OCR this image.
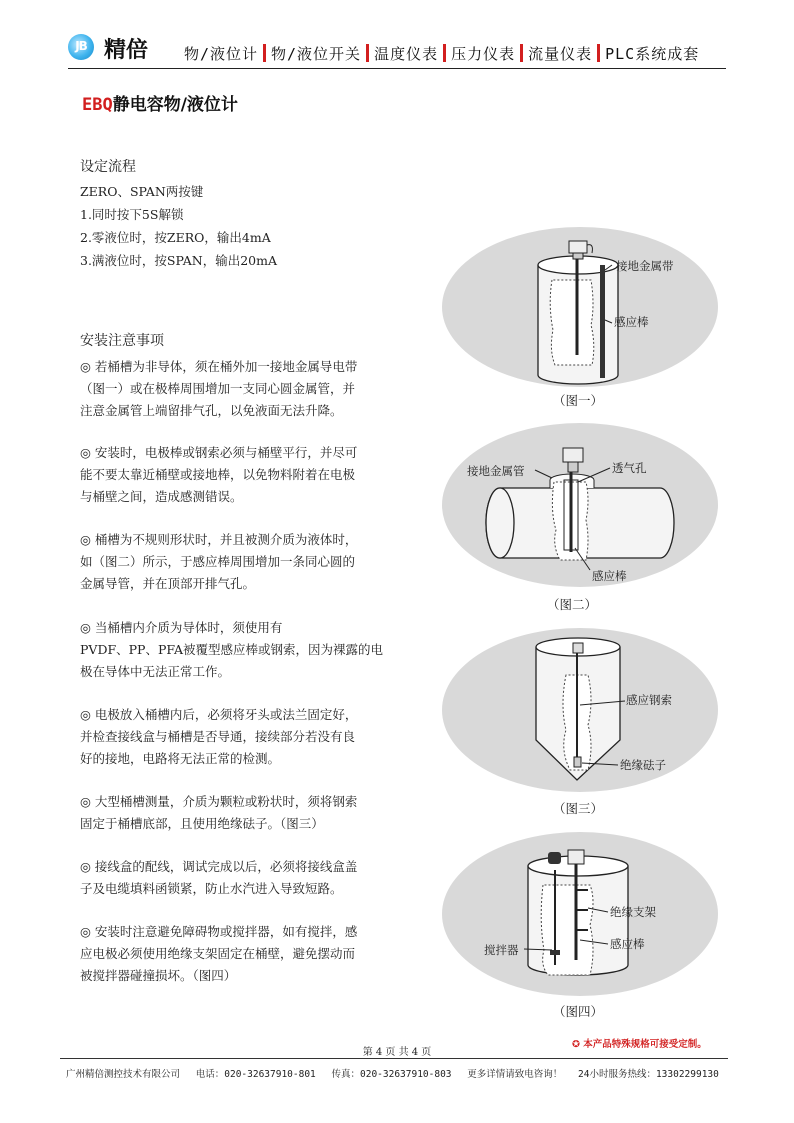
JB 精倍 物/液位计 物/液位开关 温度仪表 压力仪表 流量仪表 PLC系统成套
EBQ静电容物/液位计
设定流程
ZERO、SPAN两按键
1.同时按下5S解锁
2.零液位时，按ZERO，输出4mA
3.满液位时，按SPAN，输出20mA
安装注意事项
◎ 若桶槽为非导体，须在桶外加一接地金属导电带
（图一）或在极棒周围增加一支同心圆金属管，并
注意金属管上端留排气孔，以免液面无法升降。
◎ 安装时，电极棒或钢索必须与桶壁平行，并尽可
能不要太靠近桶壁或接地棒，以免物料附着在电极
与桶壁之间，造成感测错误。
◎ 桶槽为不规则形状时，并且被测介质为液体时，
如（图二）所示，于感应棒周围增加一条同心圆的
金属导管，并在顶部开排气孔。
◎ 当桶槽内介质为导体时，须使用有
PVDF、PP、PFA被覆型感应棒或钢索，因为裸露的电
极在导体中无法正常工作。
◎ 电极放入桶槽内后，必须将牙头或法兰固定好，
并检查接线盒与桶槽是否导通，接续部分若没有良
好的接地，电路将无法正常的检测。
◎ 大型桶槽测量，介质为颗粒或粉状时，须将钢索
固定于桶槽底部，且使用绝缘砝子。（图三）
◎ 接线盒的配线，调试完成以后，必须将接线盒盖
子及电缆填料函锁紧，防止水汽进入导致短路。
◎ 安装时注意避免障碍物或搅拌器，如有搅拌，感
应电极必须使用绝缘支架固定在桶壁，避免摆动而
被搅拌器碰撞损坏。（图四）
接地金属带
感应棒
（图一）
接地金属管	透气孔
感应棒
（图二）
感应钢索
绝缘砝子
（图三）
绝缘支架
搅拌器	感应棒
（图四）
✪ 本产品特殊规格可接受定制。
第 4 页 共 4 页
广州精倍测控技术有限公司 电话：020-32637910-801 传真：020-32637910-803 更多详情请致电咨询！ 24小时服务热线：13302299130
